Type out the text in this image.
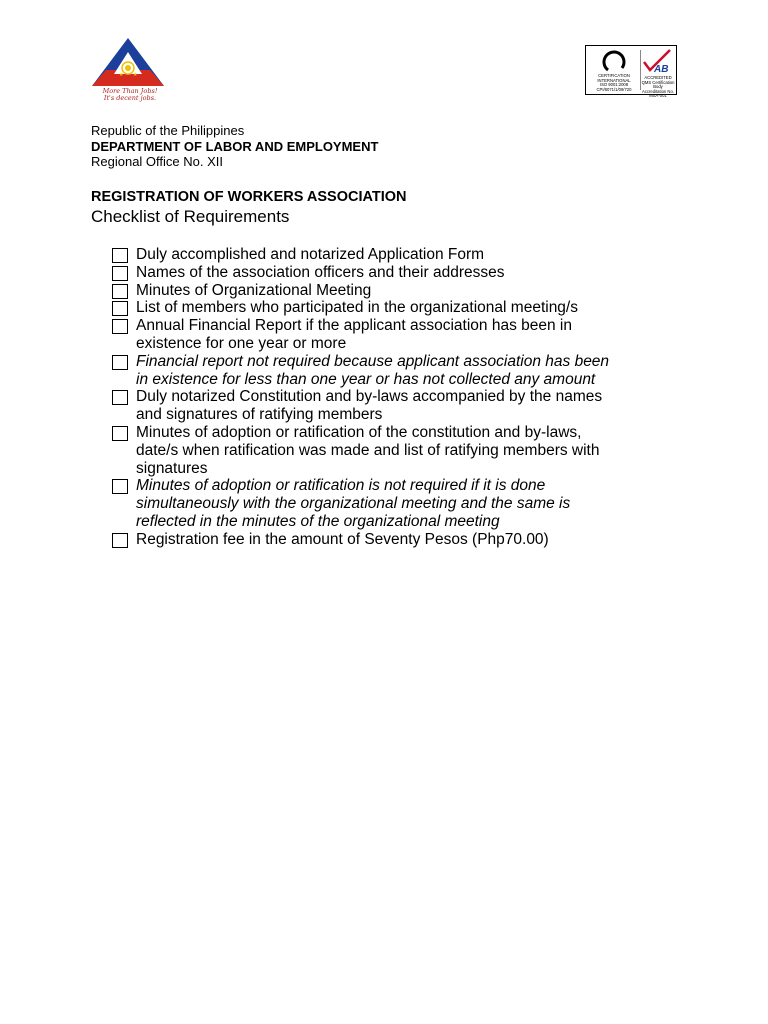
★ ★
More Than Jobs!
It's decent jobs.
CERTIFICATION
INTERNATIONAL
ISO 9001:2008
CPI/8071/1/09/720
AB
ACCREDITED
QMS Certification Body
Accreditation No.
MSA-001
Republic of the Philippines
DEPARTMENT OF LABOR AND EMPLOYMENT
Regional Office No. XII
REGISTRATION OF WORKERS ASSOCIATION
Checklist of Requirements
Duly accomplished and notarized Application Form
Names of the association officers and their addresses
Minutes of Organizational Meeting
List of members who participated in the organizational meeting/s
Annual Financial Report if the applicant association has been in
existence for one year or more
Financial report not required because applicant association has been
in existence for less than one year or has not collected any amount
Duly notarized Constitution and by-laws accompanied by the names
and signatures of ratifying members
Minutes of adoption or ratification of the constitution and by-laws,
date/s when ratification was made and list of ratifying members with
signatures
Minutes of adoption or ratification is not required if it is done
simultaneously with the organizational meeting and the same is
reflected in the minutes of the organizational meeting
Registration fee in the amount of Seventy Pesos (Php70.00)
